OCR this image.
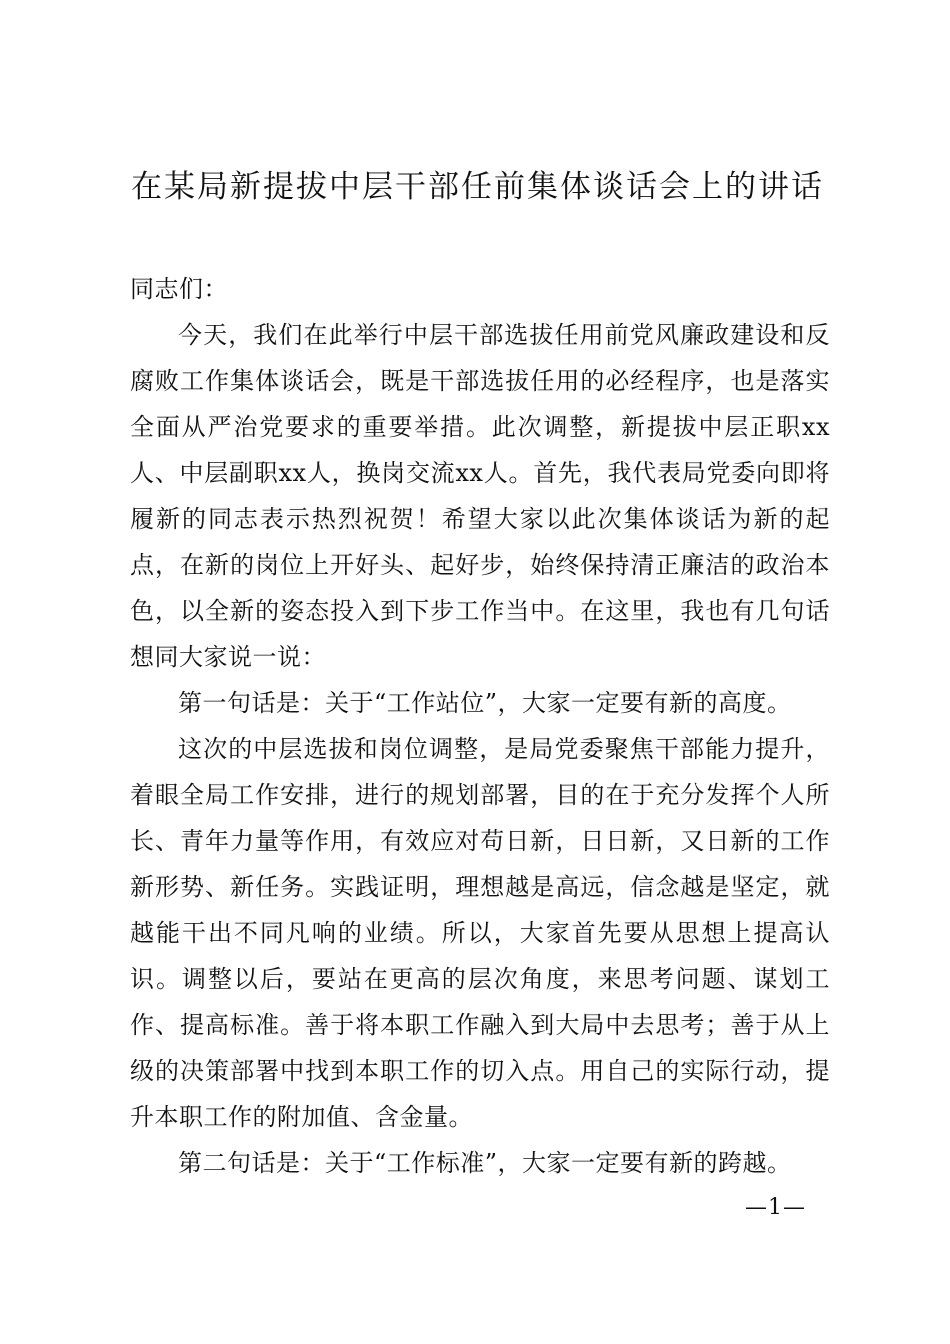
在某局新提拔中层干部任前集体谈话会上的讲话

同志们：

今天，我们在此举行中层干部选拔任用前党风廉政建设和反腐败工作集体谈话会，既是干部选拔任用的必经程序，也是落实全面从严治党要求的重要举措。此次调整，新提拔中层正职xx人、中层副职xx人，换岗交流xx人。首先，我代表局党委向即将履新的同志表示热烈祝贺！希望大家以此次集体谈话为新的起点，在新的岗位上开好头、起好步，始终保持清正廉洁的政治本色，以全新的姿态投入到下步工作当中。在这里，我也有几句话想同大家说一说：

第一句话是：关于“工作站位”，大家一定要有新的高度。

这次的中层选拔和岗位调整，是局党委聚焦干部能力提升，着眼全局工作安排，进行的规划部署，目的在于充分发挥个人所长、青年力量等作用，有效应对苟日新，日日新，又日新的工作新形势、新任务。实践证明，理想越是高远，信念越是坚定，就越能干出不同凡响的业绩。所以，大家首先要从思想上提高认识。调整以后，要站在更高的层次角度，来思考问题、谋划工作、提高标准。善于将本职工作融入到大局中去思考；善于从上级的决策部署中找到本职工作的切入点。用自己的实际行动，提升本职工作的附加值、含金量。

第二句话是：关于“工作标准”，大家一定要有新的跨越。

—1—
